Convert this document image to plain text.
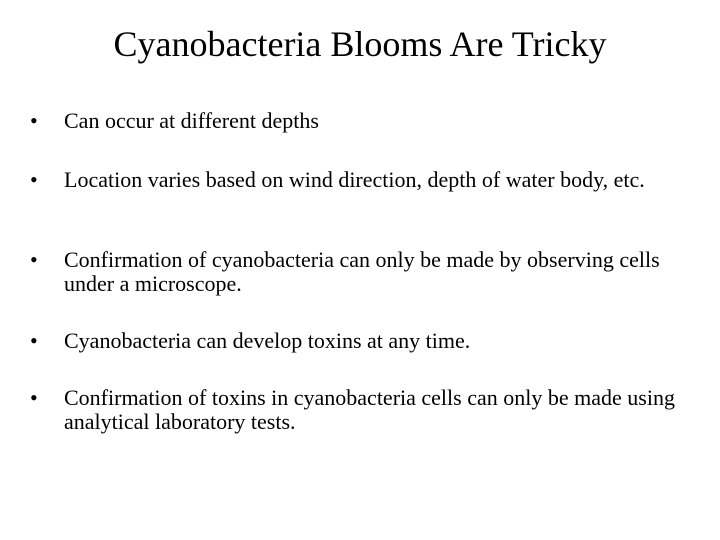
Cyanobacteria Blooms Are Tricky
•	Can occur at different depths
•	Location varies based on wind direction, depth of water body, etc.
•	Confirmation of cyanobacteria can only be made by observing cells under a microscope.
•	Cyanobacteria can develop toxins at any time.
•	Confirmation of toxins in cyanobacteria cells can only be made using analytical laboratory tests.
